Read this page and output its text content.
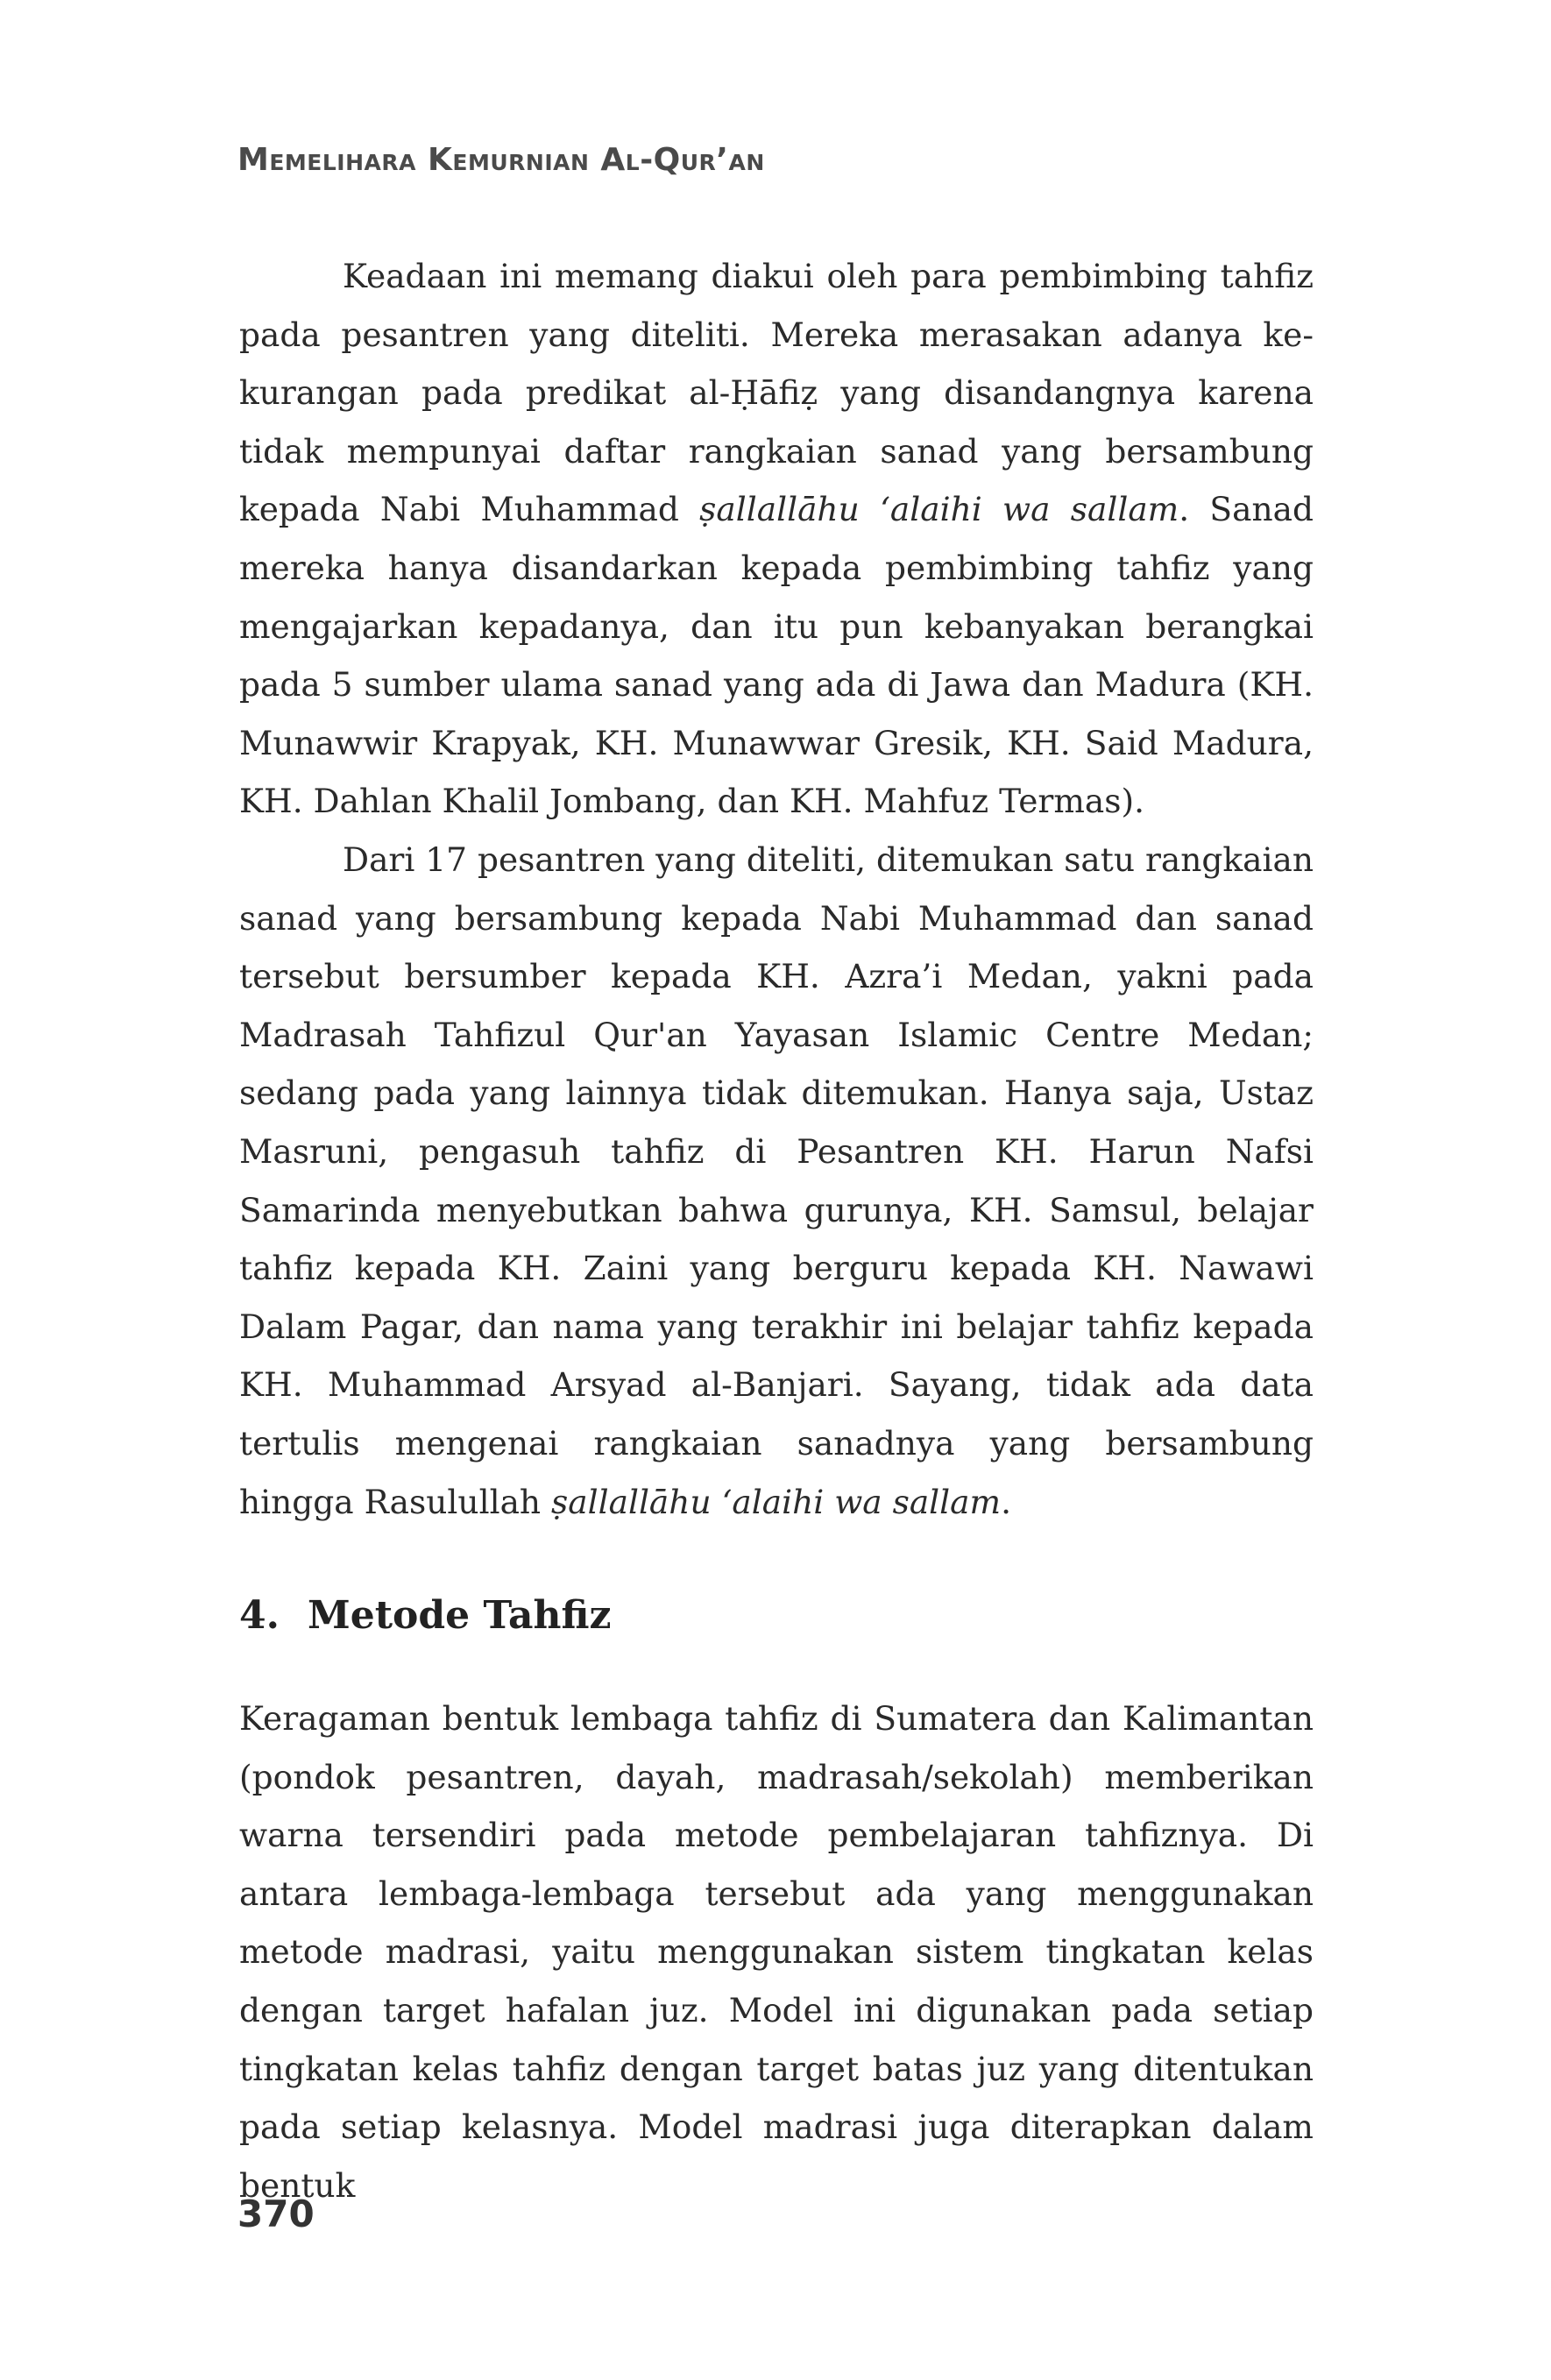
Memelihara Kemurnian Al-Qur’an

Keadaan ini memang diakui oleh para pembimbing tahfiz pada pesantren yang diteliti. Mereka merasakan adanya ke-kurangan pada predikat al-Ḥāfiẓ yang disandangnya karena tidak mempunyai daftar rangkaian sanad yang bersambung kepada Nabi Muhammad ṣallallāhu ‘alaihi wa sallam. Sanad mereka hanya disandarkan kepada pembimbing tahfiz yang mengajarkan kepadanya, dan itu pun kebanyakan berangkai pada 5 sumber ulama sanad yang ada di Jawa dan Madura (KH. Munawwir Krapyak, KH. Munawwar Gresik, KH. Said Madura, KH. Dahlan Khalil Jombang, dan KH. Mahfuz Termas).

Dari 17 pesantren yang diteliti, ditemukan satu rangkaian sanad yang bersambung kepada Nabi Muhammad dan sanad tersebut bersumber kepada KH. Azra’i Medan, yakni pada Madrasah Tahfizul Qur'an Yayasan Islamic Centre Medan; sedang pada yang lainnya tidak ditemukan. Hanya saja, Ustaz Masruni, pengasuh tahfiz di Pesantren KH. Harun Nafsi Samarinda menyebutkan bahwa gurunya, KH. Samsul, belajar tahfiz kepada KH. Zaini yang berguru kepada KH. Nawawi Dalam Pagar, dan nama yang terakhir ini belajar tahfiz kepada KH. Muhammad Arsyad al-Banjari. Sayang, tidak ada data tertulis mengenai rangkaian sanadnya yang bersambung hingga Rasulullah ṣallallāhu ‘alaihi wa sallam.

4. Metode Tahfiz

Keragaman bentuk lembaga tahfiz di Sumatera dan Kalimantan (pondok pesantren, dayah, madrasah/sekolah) memberikan warna tersendiri pada metode pembelajaran tahfiznya. Di antara lembaga-lembaga tersebut ada yang menggunakan metode madrasi, yaitu menggunakan sistem tingkatan kelas dengan target hafalan juz. Model ini digunakan pada setiap tingkatan kelas tahfiz dengan target batas juz yang ditentukan pada setiap kelasnya. Model madrasi juga diterapkan dalam bentuk

370
